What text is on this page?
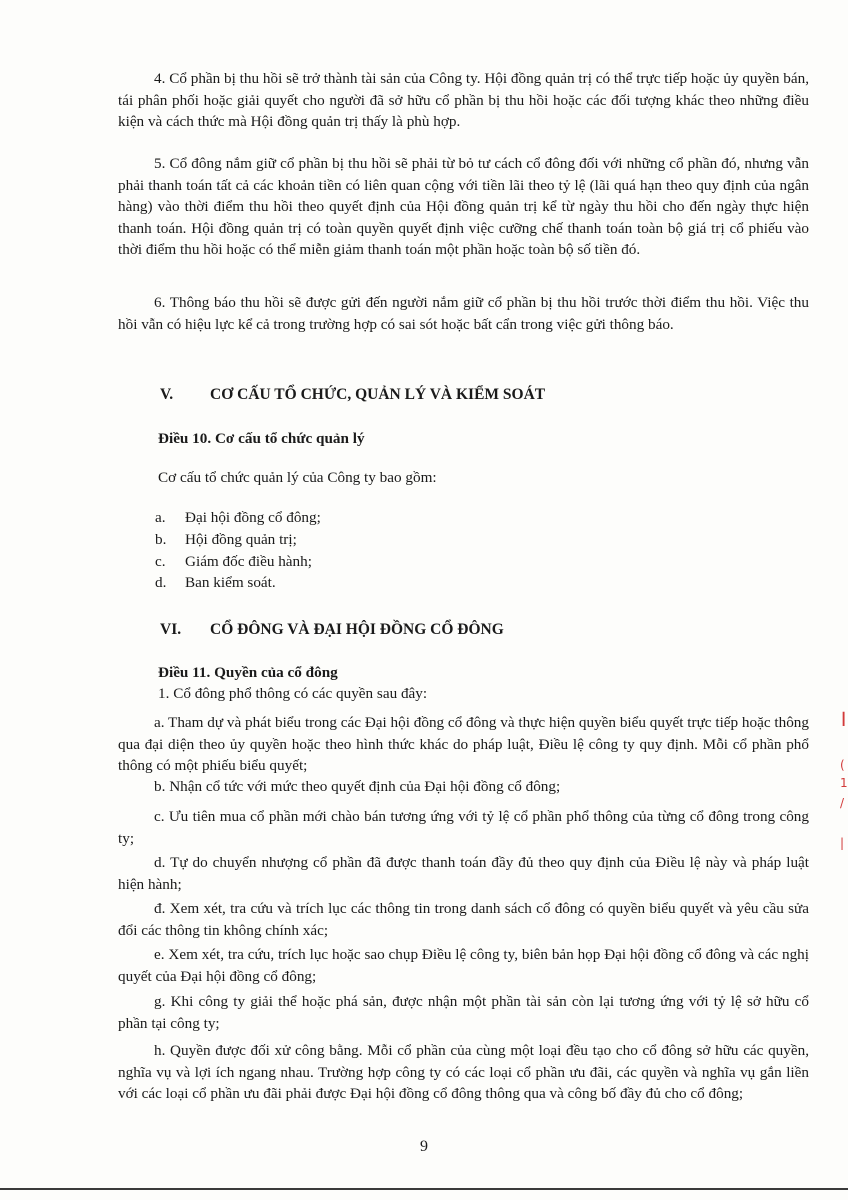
4. Cổ phần bị thu hồi sẽ trở thành tài sản của Công ty. Hội đồng quản trị có thể trực tiếp hoặc ủy quyền bán, tái phân phối hoặc giải quyết cho người đã sở hữu cổ phần bị thu hồi hoặc các đối tượng khác theo những điều kiện và cách thức mà Hội đồng quản trị thấy là phù hợp.

5. Cổ đông nắm giữ cổ phần bị thu hồi sẽ phải từ bỏ tư cách cổ đông đối với những cổ phần đó, nhưng vẫn phải thanh toán tất cả các khoản tiền có liên quan cộng với tiền lãi theo tỷ lệ (lãi quá hạn theo quy định của ngân hàng) vào thời điểm thu hồi theo quyết định của Hội đồng quản trị kể từ ngày thu hồi cho đến ngày thực hiện thanh toán. Hội đồng quản trị có toàn quyền quyết định việc cưỡng chế thanh toán toàn bộ giá trị cổ phiếu vào thời điểm thu hồi hoặc có thể miễn giảm thanh toán một phần hoặc toàn bộ số tiền đó.

6. Thông báo thu hồi sẽ được gửi đến người nắm giữ cổ phần bị thu hồi trước thời điểm thu hồi. Việc thu hồi vẫn có hiệu lực kể cả trong trường hợp có sai sót hoặc bất cẩn trong việc gửi thông báo.

V. CƠ CẤU TỔ CHỨC, QUẢN LÝ VÀ KIỂM SOÁT

Điều 10. Cơ cấu tổ chức quản lý

Cơ cấu tổ chức quản lý của Công ty bao gồm:

a. Đại hội đồng cổ đông;
b. Hội đồng quản trị;
c. Giám đốc điều hành;
d. Ban kiểm soát.
VI. CỔ ĐÔNG VÀ ĐẠI HỘI ĐỒNG CỔ ĐÔNG

Điều 11. Quyền của cổ đông

1. Cổ đông phổ thông có các quyền sau đây:

a. Tham dự và phát biểu trong các Đại hội đồng cổ đông và thực hiện quyền biểu quyết trực tiếp hoặc thông qua đại diện theo ủy quyền hoặc theo hình thức khác do pháp luật, Điều lệ công ty quy định. Mỗi cổ phần phổ thông có một phiếu biểu quyết;

b. Nhận cổ tức với mức theo quyết định của Đại hội đồng cổ đông;

c. Ưu tiên mua cổ phần mới chào bán tương ứng với tỷ lệ cổ phần phổ thông của từng cổ đông trong công ty;

d. Tự do chuyển nhượng cổ phần đã được thanh toán đầy đủ theo quy định của Điều lệ này và pháp luật hiện hành;

đ. Xem xét, tra cứu và trích lục các thông tin trong danh sách cổ đông có quyền biểu quyết và yêu cầu sửa đổi các thông tin không chính xác;

e. Xem xét, tra cứu, trích lục hoặc sao chụp Điều lệ công ty, biên bản họp Đại hội đồng cổ đông và các nghị quyết của Đại hội đồng cổ đông;

g. Khi công ty giải thể hoặc phá sản, được nhận một phần tài sản còn lại tương ứng với tỷ lệ sở hữu cổ phần tại công ty;

h. Quyền được đối xử công bằng. Mỗi cổ phần của cùng một loại đều tạo cho cổ đông sở hữu các quyền, nghĩa vụ và lợi ích ngang nhau. Trường hợp công ty có các loại cổ phần ưu đãi, các quyền và nghĩa vụ gắn liền với các loại cổ phần ưu đãi phải được Đại hội đồng cổ đông thông qua và công bố đầy đủ cho cổ đông;

9
┃
(
1
/
|
